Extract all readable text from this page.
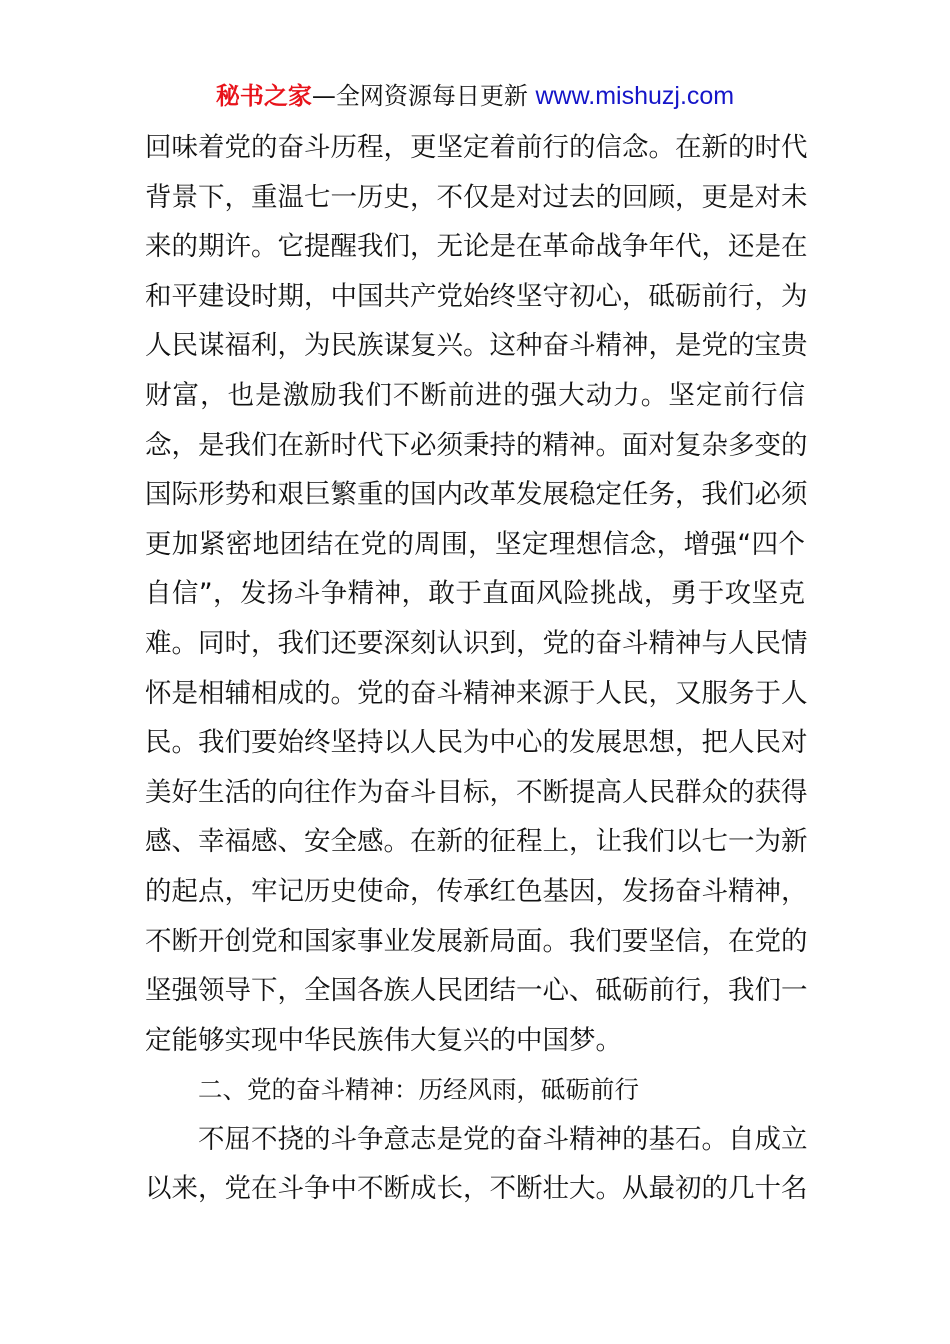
秘书之家—全网资源每日更新 www.mishuzj.com
回味着党的奋斗历程，更坚定着前行的信念。在新的时代
背景下，重温七一历史，不仅是对过去的回顾，更是对未
来的期许。它提醒我们，无论是在革命战争年代，还是在
和平建设时期，中国共产党始终坚守初心，砥砺前行，为
人民谋福利，为民族谋复兴。这种奋斗精神，是党的宝贵
财富，也是激励我们不断前进的强大动力。坚定前行信
念，是我们在新时代下必须秉持的精神。面对复杂多变的
国际形势和艰巨繁重的国内改革发展稳定任务，我们必须
更加紧密地团结在党的周围，坚定理想信念，增强“四个
自信”，发扬斗争精神，敢于直面风险挑战，勇于攻坚克
难。同时，我们还要深刻认识到，党的奋斗精神与人民情
怀是相辅相成的。党的奋斗精神来源于人民，又服务于人
民。我们要始终坚持以人民为中心的发展思想，把人民对
美好生活的向往作为奋斗目标，不断提高人民群众的获得
感、幸福感、安全感。在新的征程上，让我们以七一为新
的起点，牢记历史使命，传承红色基因，发扬奋斗精神，
不断开创党和国家事业发展新局面。我们要坚信，在党的
坚强领导下，全国各族人民团结一心、砥砺前行，我们一
定能够实现中华民族伟大复兴的中国梦。
二、党的奋斗精神：历经风雨，砥砺前行
不屈不挠的斗争意志是党的奋斗精神的基石。自成立
以来，党在斗争中不断成长，不断壮大。从最初的几十名
